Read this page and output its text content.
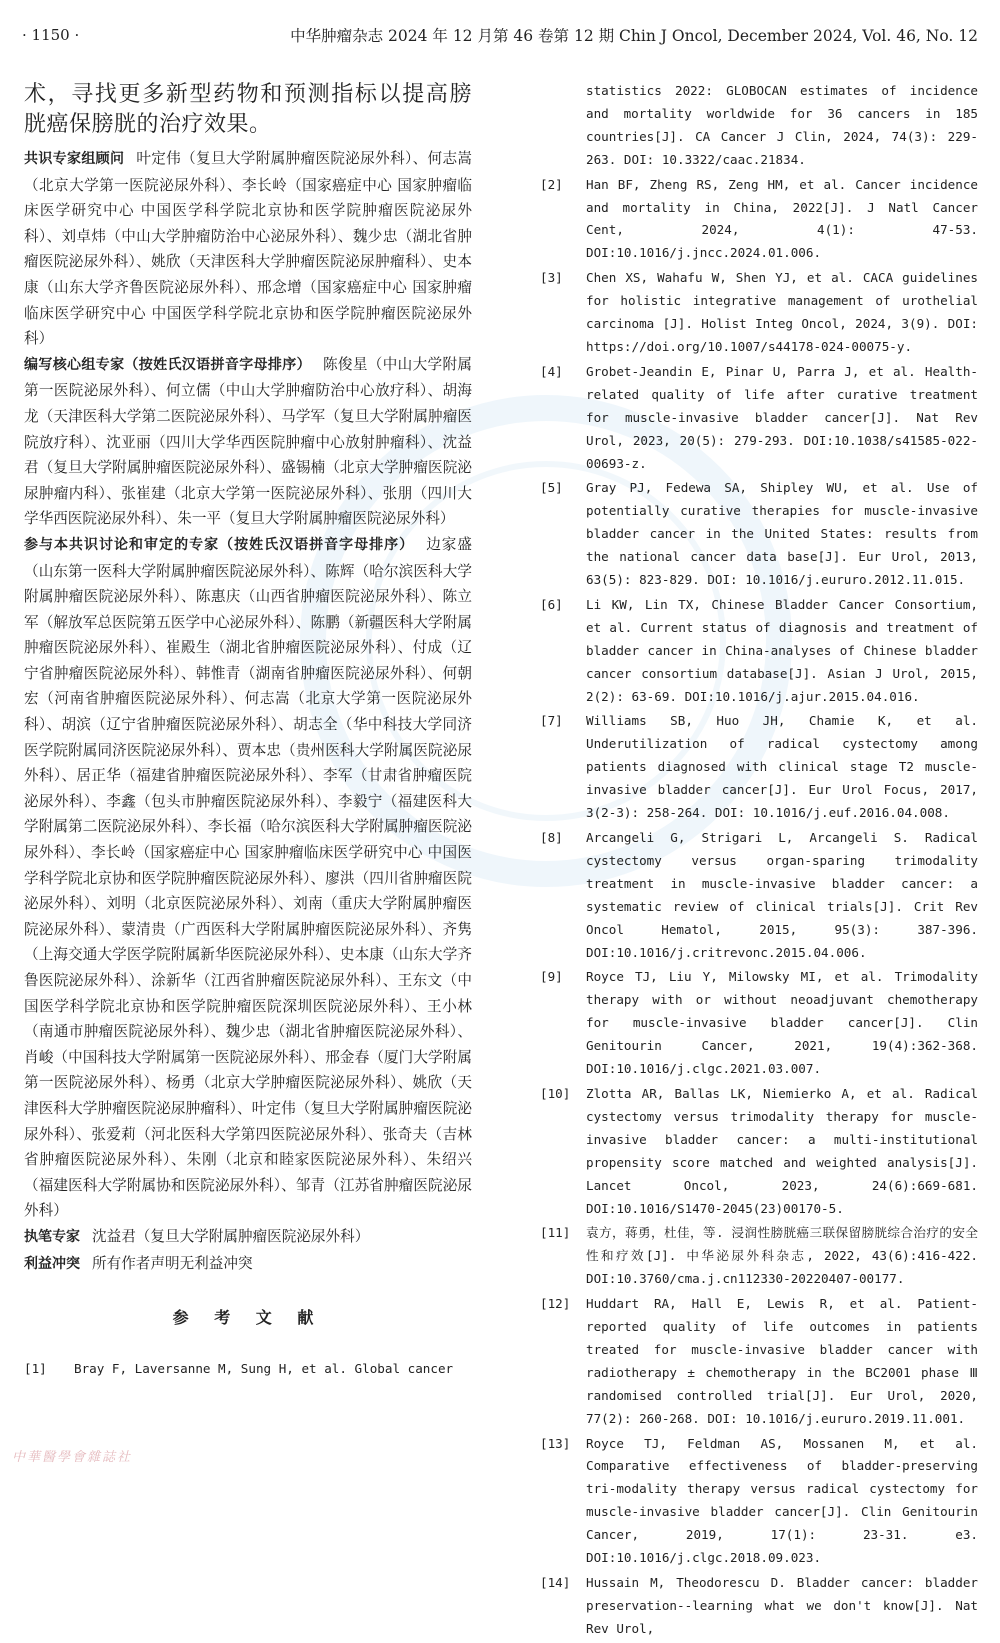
· 1150 ·	中华肿瘤杂志 2024 年 12 月第 46 卷第 12 期 Chin J Oncol, December 2024, Vol. 46, No. 12

术，寻找更多新型药物和预测指标以提高膀胱癌保膀胱的治疗效果。

共识专家组顾问 叶定伟（复旦大学附属肿瘤医院泌尿外科）、何志嵩（北京大学第一医院泌尿外科）、李长岭（国家癌症中心 国家肿瘤临床医学研究中心 中国医学科学院北京协和医学院肿瘤医院泌尿外科）、刘卓炜（中山大学肿瘤防治中心泌尿外科）、魏少忠（湖北省肿瘤医院泌尿外科）、姚欣（天津医科大学肿瘤医院泌尿肿瘤科）、史本康（山东大学齐鲁医院泌尿外科）、邢念增（国家癌症中心 国家肿瘤临床医学研究中心 中国医学科学院北京协和医学院肿瘤医院泌尿外科）

编写核心组专家（按姓氏汉语拼音字母排序） 陈俊星（中山大学附属第一医院泌尿外科）、何立儒（中山大学肿瘤防治中心放疗科）、胡海龙（天津医科大学第二医院泌尿外科）、马学军（复旦大学附属肿瘤医院放疗科）、沈亚丽（四川大学华西医院肿瘤中心放射肿瘤科）、沈益君（复旦大学附属肿瘤医院泌尿外科）、盛锡楠（北京大学肿瘤医院泌尿肿瘤内科）、张崔建（北京大学第一医院泌尿外科）、张朋（四川大学华西医院泌尿外科）、朱一平（复旦大学附属肿瘤医院泌尿外科）

参与本共识讨论和审定的专家（按姓氏汉语拼音字母排序） 边家盛（山东第一医科大学附属肿瘤医院泌尿外科）、陈辉（哈尔滨医科大学附属肿瘤医院泌尿外科）、陈惠庆（山西省肿瘤医院泌尿外科）、陈立军（解放军总医院第五医学中心泌尿外科）、陈鹏（新疆医科大学附属肿瘤医院泌尿外科）、崔殿生（湖北省肿瘤医院泌尿外科）、付成（辽宁省肿瘤医院泌尿外科）、韩惟青（湖南省肿瘤医院泌尿外科）、何朝宏（河南省肿瘤医院泌尿外科）、何志嵩（北京大学第一医院泌尿外科）、胡滨（辽宁省肿瘤医院泌尿外科）、胡志全（华中科技大学同济医学院附属同济医院泌尿外科）、贾本忠（贵州医科大学附属医院泌尿外科）、居正华（福建省肿瘤医院泌尿外科）、李军（甘肃省肿瘤医院泌尿外科）、李鑫（包头市肿瘤医院泌尿外科）、李毅宁（福建医科大学附属第二医院泌尿外科）、李长福（哈尔滨医科大学附属肿瘤医院泌尿外科）、李长岭（国家癌症中心 国家肿瘤临床医学研究中心 中国医学科学院北京协和医学院肿瘤医院泌尿外科）、廖洪（四川省肿瘤医院泌尿外科）、刘明（北京医院泌尿外科）、刘南（重庆大学附属肿瘤医院泌尿外科）、蒙清贵（广西医科大学附属肿瘤医院泌尿外科）、齐隽（上海交通大学医学院附属新华医院泌尿外科）、史本康（山东大学齐鲁医院泌尿外科）、涂新华（江西省肿瘤医院泌尿外科）、王东文（中国医学科学院北京协和医学院肿瘤医院深圳医院泌尿外科）、王小林（南通市肿瘤医院泌尿外科）、魏少忠（湖北省肿瘤医院泌尿外科）、肖峻（中国科技大学附属第一医院泌尿外科）、邢金春（厦门大学附属第一医院泌尿外科）、杨勇（北京大学肿瘤医院泌尿外科）、姚欣（天津医科大学肿瘤医院泌尿肿瘤科）、叶定伟（复旦大学附属肿瘤医院泌尿外科）、张爱莉（河北医科大学第四医院泌尿外科）、张奇夫（吉林省肿瘤医院泌尿外科）、朱刚（北京和睦家医院泌尿外科）、朱绍兴（福建医科大学附属协和医院泌尿外科）、邹青（江苏省肿瘤医院泌尿外科）

执笔专家 沈益君（复旦大学附属肿瘤医院泌尿外科）

利益冲突 所有作者声明无利益冲突

参 考 文 献

[1] Bray F, Laversanne M, Sung H, et al. Global cancer

statistics 2022: GLOBOCAN estimates of incidence and mortality worldwide for 36 cancers in 185 countries[J]. CA Cancer J Clin, 2024, 74(3): 229-263. DOI: 10.3322/caac.21834.

[2] Han BF, Zheng RS, Zeng HM, et al. Cancer incidence and mortality in China, 2022[J]. J Natl Cancer Cent, 2024, 4(1): 47-53. DOI:10.1016/j.jncc.2024.01.006.

[3] Chen XS, Wahafu W, Shen YJ, et al. CACA guidelines for holistic integrative management of urothelial carcinoma [J]. Holist Integ Oncol, 2024, 3(9). DOI: https://doi.org/10.1007/s44178-024-00075-y.

[4] Grobet-Jeandin E, Pinar U, Parra J, et al. Health-related quality of life after curative treatment for muscle-invasive bladder cancer[J]. Nat Rev Urol, 2023, 20(5): 279-293. DOI:10.1038/s41585-022-00693-z.

[5] Gray PJ, Fedewa SA, Shipley WU, et al. Use of potentially curative therapies for muscle-invasive bladder cancer in the United States: results from the national cancer data base[J]. Eur Urol, 2013, 63(5): 823-829. DOI: 10.1016/j.eururo.2012.11.015.

[6] Li KW, Lin TX, Chinese Bladder Cancer Consortium, et al. Current status of diagnosis and treatment of bladder cancer in China-analyses of Chinese bladder cancer consortium database[J]. Asian J Urol, 2015, 2(2): 63-69. DOI:10.1016/j.ajur.2015.04.016.

[7] Williams SB, Huo JH, Chamie K, et al. Underutilization of radical cystectomy among patients diagnosed with clinical stage T2 muscle-invasive bladder cancer[J]. Eur Urol Focus, 2017, 3(2-3): 258-264. DOI: 10.1016/j.euf.2016.04.008.

[8] Arcangeli G, Strigari L, Arcangeli S. Radical cystectomy versus organ-sparing trimodality treatment in muscle-invasive bladder cancer: a systematic review of clinical trials[J]. Crit Rev Oncol Hematol, 2015, 95(3): 387-396. DOI:10.1016/j.critrevonc.2015.04.006.

[9] Royce TJ, Liu Y, Milowsky MI, et al. Trimodality therapy with or without neoadjuvant chemotherapy for muscle-invasive bladder cancer[J]. Clin Genitourin Cancer, 2021, 19(4):362-368. DOI:10.1016/j.clgc.2021.03.007.

[10] Zlotta AR, Ballas LK, Niemierko A, et al. Radical cystectomy versus trimodality therapy for muscle-invasive bladder cancer: a multi-institutional propensity score matched and weighted analysis[J]. Lancet Oncol, 2023, 24(6):669-681. DOI:10.1016/S1470-2045(23)00170-5.

[11] 袁方，蒋勇，杜佳，等. 浸润性膀胱癌三联保留膀胱综合治疗的安全性和疗效[J]. 中华泌尿外科杂志, 2022, 43(6):416-422. DOI:10.3760/cma.j.cn112330-20220407-00177.

[12] Huddart RA, Hall E, Lewis R, et al. Patient-reported quality of life outcomes in patients treated for muscle-invasive bladder cancer with radiotherapy ± chemotherapy in the BC2001 phase Ⅲ randomised controlled trial[J]. Eur Urol, 2020, 77(2): 260-268. DOI: 10.1016/j.eururo.2019.11.001.

[13] Royce TJ, Feldman AS, Mossanen M, et al. Comparative effectiveness of bladder-preserving tri-modality therapy versus radical cystectomy for muscle-invasive bladder cancer[J]. Clin Genitourin Cancer, 2019, 17(1): 23-31. e3. DOI:10.1016/j.clgc.2018.09.023.

[14] Hussain M, Theodorescu D. Bladder cancer: bladder preservation--learning what we don't know[J]. Nat Rev Urol,

中華醫學會雜誌社
